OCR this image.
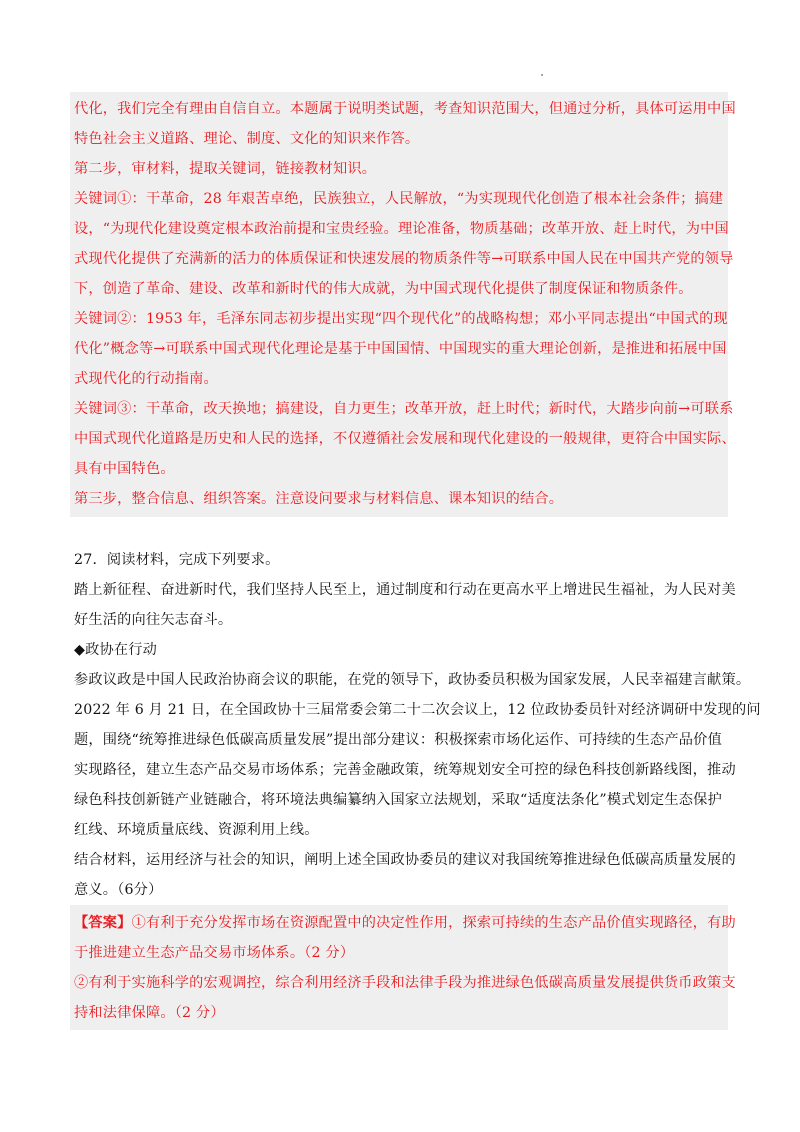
代化，我们完全有理由自信自立。本题属于说明类试题，考查知识范围大，但通过分析，具体可运用中国
特色社会主义道路、理论、制度、文化的知识来作答。
第二步，审材料，提取关键词，链接教材知识。
关键词①：干革命，28 年艰苦卓绝，民族独立，人民解放，“为实现现代化创造了根本社会条件；搞建
设，“为现代化建设奠定根本政治前提和宝贵经验。理论准备，物质基础；改革开放、赶上时代，为中国
式现代化提供了充满新的活力的体质保证和快速发展的物质条件等→可联系中国人民在中国共产党的领导
下，创造了革命、建设、改革和新时代的伟大成就，为中国式现代化提供了制度保证和物质条件。
关键词②：1953 年，毛泽东同志初步提出实现“四个现代化”的战略构想；邓小平同志提出“中国式的现
代化”概念等→可联系中国式现代化理论是基于中国国情、中国现实的重大理论创新，是推进和拓展中国
式现代化的行动指南。
关键词③：干革命，改天换地；搞建设，自力更生；改革开放，赶上时代；新时代，大踏步向前→可联系
中国式现代化道路是历史和人民的选择，不仅遵循社会发展和现代化建设的一般规律，更符合中国实际、
具有中国特色。
第三步，整合信息、组织答案。注意设问要求与材料信息、课本知识的结合。
27．阅读材料，完成下列要求。
踏上新征程、奋进新时代，我们坚持人民至上，通过制度和行动在更高水平上增进民生福祉，为人民对美
好生活的向往矢志奋斗。
◆政协在行动
参政议政是中国人民政治协商会议的职能，在党的领导下，政协委员积极为国家发展，人民幸福建言献策。
2022 年 6 月 21 日，在全国政协十三届常委会第二十二次会议上，12 位政协委员针对经济调研中发现的问
题，围绕“统筹推进绿色低碳高质量发展”提出部分建议：积极探索市场化运作、可持续的生态产品价值
实现路径，建立生态产品交易市场体系；完善金融政策，统筹规划安全可控的绿色科技创新路线图，推动
绿色科技创新链产业链融合，将环境法典编纂纳入国家立法规划，采取“适度法条化”模式划定生态保护
红线、环境质量底线、资源利用上线。
结合材料，运用经济与社会的知识，阐明上述全国政协委员的建议对我国统筹推进绿色低碳高质量发展的
意义。（6分）
【答案】①有利于充分发挥市场在资源配置中的决定性作用，探索可持续的生态产品价值实现路径，有助
于推进建立生态产品交易市场体系。（2 分）
②有利于实施科学的宏观调控，综合利用经济手段和法律手段为推进绿色低碳高质量发展提供货币政策支
持和法律保障。（2 分）
